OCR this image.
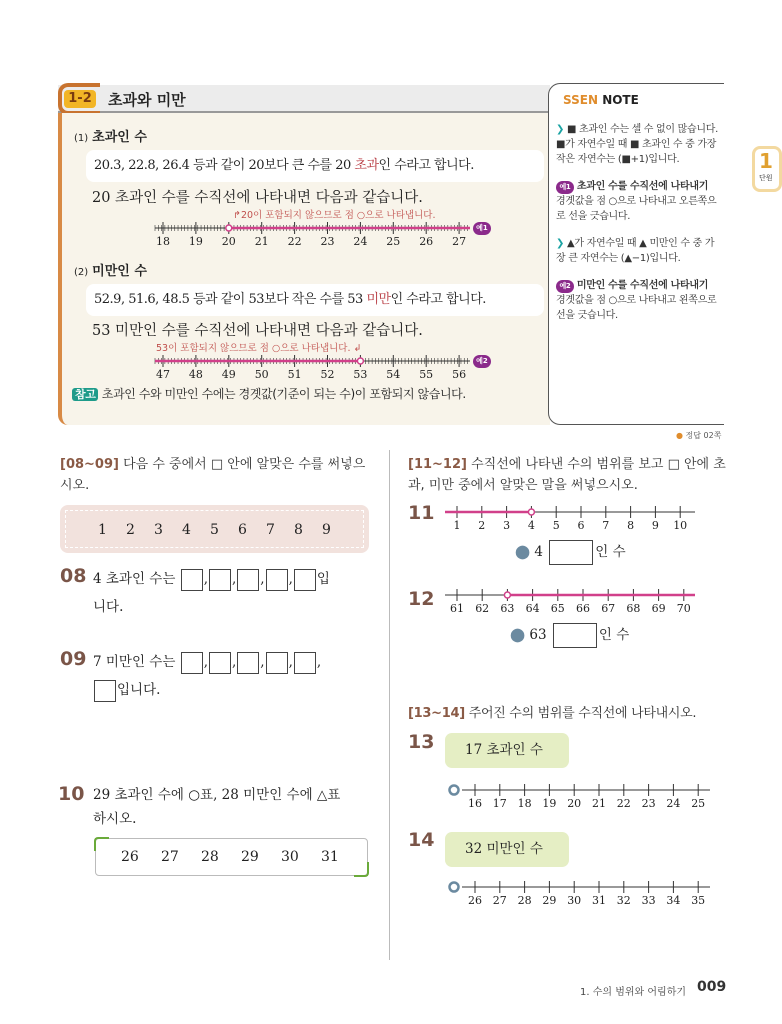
1-2 초과와 미만
(1) 초과인 수
20.3, 22.8, 26.4 등과 같이 20보다 큰 수를 20 초과인 수라고 합니다.
20 초과인 수를 수직선에 나타내면 다음과 같습니다.
18 19 20 21 22 23 24 25 26 27
↱20이 포함되지 않으므로 점 ○으로 나타냅니다.
예1
(2) 미만인 수
52.9, 51.6, 48.5 등과 같이 53보다 작은 수를 53 미만인 수라고 합니다.
53 미만인 수를 수직선에 나타내면 다음과 같습니다.
47 48 49 50 51 52 53 54 55 56
53이 포함되지 않으므로 점 ○으로 나타냅니다. ↲
예2
참고 초과인 수와 미만인 수에는 경곗값(기준이 되는 수)이 포함되지 않습니다.
SSEN NOTE
❯ ■ 초과인 수는 셀 수 없이 많습니다. ■가 자연수일 때 ■ 초과인 수 중 가장 작은 자연수는 (■+1)입니다.
예1 초과인 수를 수직선에 나타내기
경곗값을 점 ○으로 나타내고 오른쪽으로 선을 긋습니다.
❯ ▲가 자연수일 때 ▲ 미만인 수 중 가장 큰 자연수는 (▲−1)입니다.
예2 미만인 수를 수직선에 나타내기
경곗값을 점 ○으로 나타내고 왼쪽으로 선을 긋습니다.
● 정답 02쪽
1
단원
[08~09] 다음 수 중에서 □ 안에 알맞은 수를 써넣으시오.
1	2	3	4	5	6	7	8	9
08 4 초과인 수는 , , , , 입
니다.
09 7 미만인 수는 , , , , ,
입니다.
10 29 초과인 수에 ○표, 28 미만인 수에 △표
하시오.
26	27	28	29	30	31
[11~12] 수직선에 나타낸 수의 범위를 보고 □ 안에 초과, 미만 중에서 알맞은 말을 써넣으시오.
11
1 2 3 4 5 6 7 8 9 10
⬤ 4	인 수
12 61 62 63 64 65 66 67 68 69 70
⬤ 63	인 수
[13~14] 주어진 수의 범위를 수직선에 나타내시오.
13	17 초과인 수
16 17 18 19 20 21 22 23 24 25
14	32 미만인 수
26 27 28 29 30 31 32 33 34 35
1. 수의 범위와 어림하기 009
